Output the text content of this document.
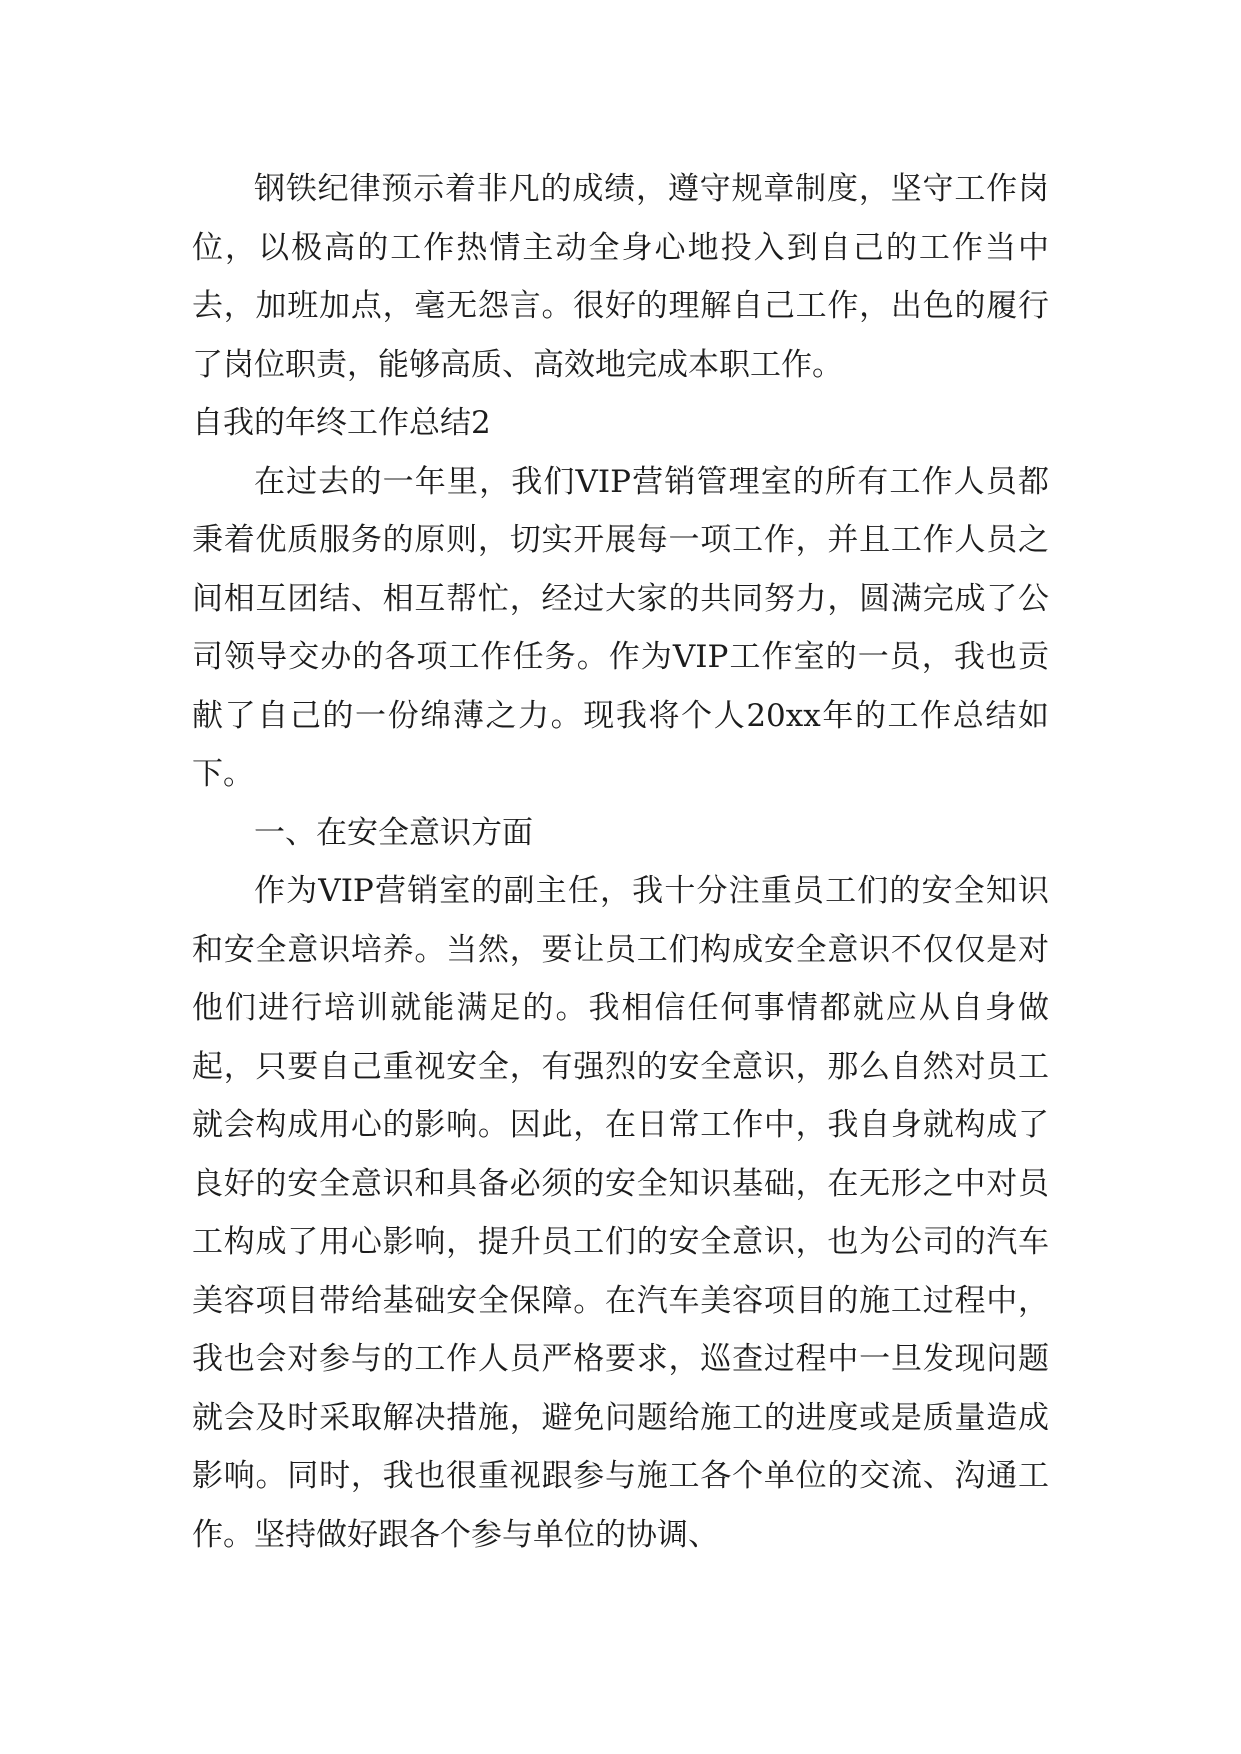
钢铁纪律预示着非凡的成绩，遵守规章制度，坚守工作岗位，以极高的工作热情主动全身心地投入到自己的工作当中去，加班加点，毫无怨言。很好的理解自己工作，出色的履行了岗位职责，能够高质、高效地完成本职工作。

自我的年终工作总结2

在过去的一年里，我们VIP营销管理室的所有工作人员都秉着优质服务的原则，切实开展每一项工作，并且工作人员之间相互团结、相互帮忙，经过大家的共同努力，圆满完成了公司领导交办的各项工作任务。作为VIP工作室的一员，我也贡献了自己的一份绵薄之力。现我将个人20xx年的工作总结如下。

一、在安全意识方面

作为VIP营销室的副主任，我十分注重员工们的安全知识和安全意识培养。当然，要让员工们构成安全意识不仅仅是对他们进行培训就能满足的。我相信任何事情都就应从自身做起，只要自己重视安全，有强烈的安全意识，那么自然对员工就会构成用心的影响。因此，在日常工作中，我自身就构成了良好的安全意识和具备必须的安全知识基础，在无形之中对员工构成了用心影响，提升员工们的安全意识，也为公司的汽车美容项目带给基础安全保障。在汽车美容项目的施工过程中，我也会对参与的工作人员严格要求，巡查过程中一旦发现问题就会及时采取解决措施，避免问题给施工的进度或是质量造成影响。同时，我也很重视跟参与施工各个单位的交流、沟通工作。坚持做好跟各个参与单位的协调、
